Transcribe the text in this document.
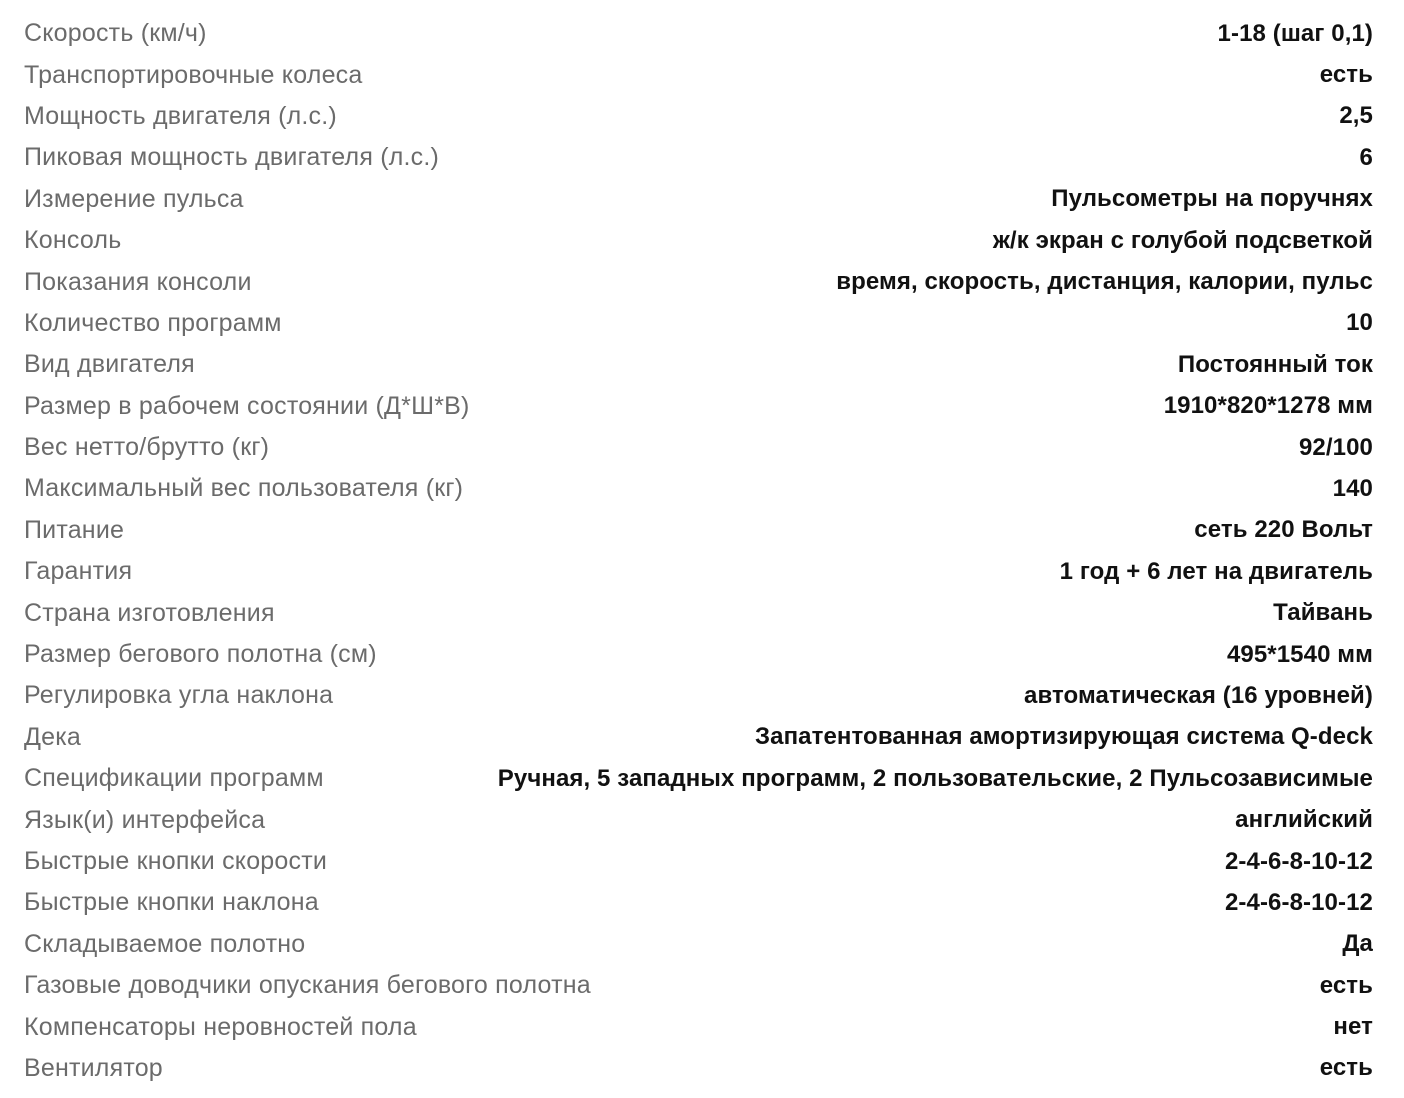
Скорость (км/ч)	1-18 (шаг 0,1)
Транспортировочные колеса	есть
Мощность двигателя (л.с.)	2,5
Пиковая мощность двигателя (л.с.)	6
Измерение пульса	Пульсометры на поручнях
Консоль	ж/к экран с голубой подсветкой
Показания консоли	время, скорость, дистанция, калории, пульс
Количество программ	10
Вид двигателя	Постоянный ток
Размер в рабочем состоянии (Д*Ш*В)	1910*820*1278 мм
Вес нетто/брутто (кг)	92/100
Максимальный вес пользователя (кг)	140
Питание	сеть 220 Вольт
Гарантия	1 год + 6 лет на двигатель
Страна изготовления	Тайвань
Размер бегового полотна (см)	495*1540 мм
Регулировка угла наклона	автоматическая (16 уровней)
Дека	Запатентованная амортизирующая система Q-deck
Спецификации программ	Ручная, 5 западных программ, 2 пользовательские, 2 Пульсозависимые
Язык(и) интерфейса	английский
Быстрые кнопки скорости	2-4-6-8-10-12
Быстрые кнопки наклона	2-4-6-8-10-12
Складываемое полотно	Да
Газовые доводчики опускания бегового полотна	есть
Компенсаторы неровностей пола	нет
Вентилятор	есть
